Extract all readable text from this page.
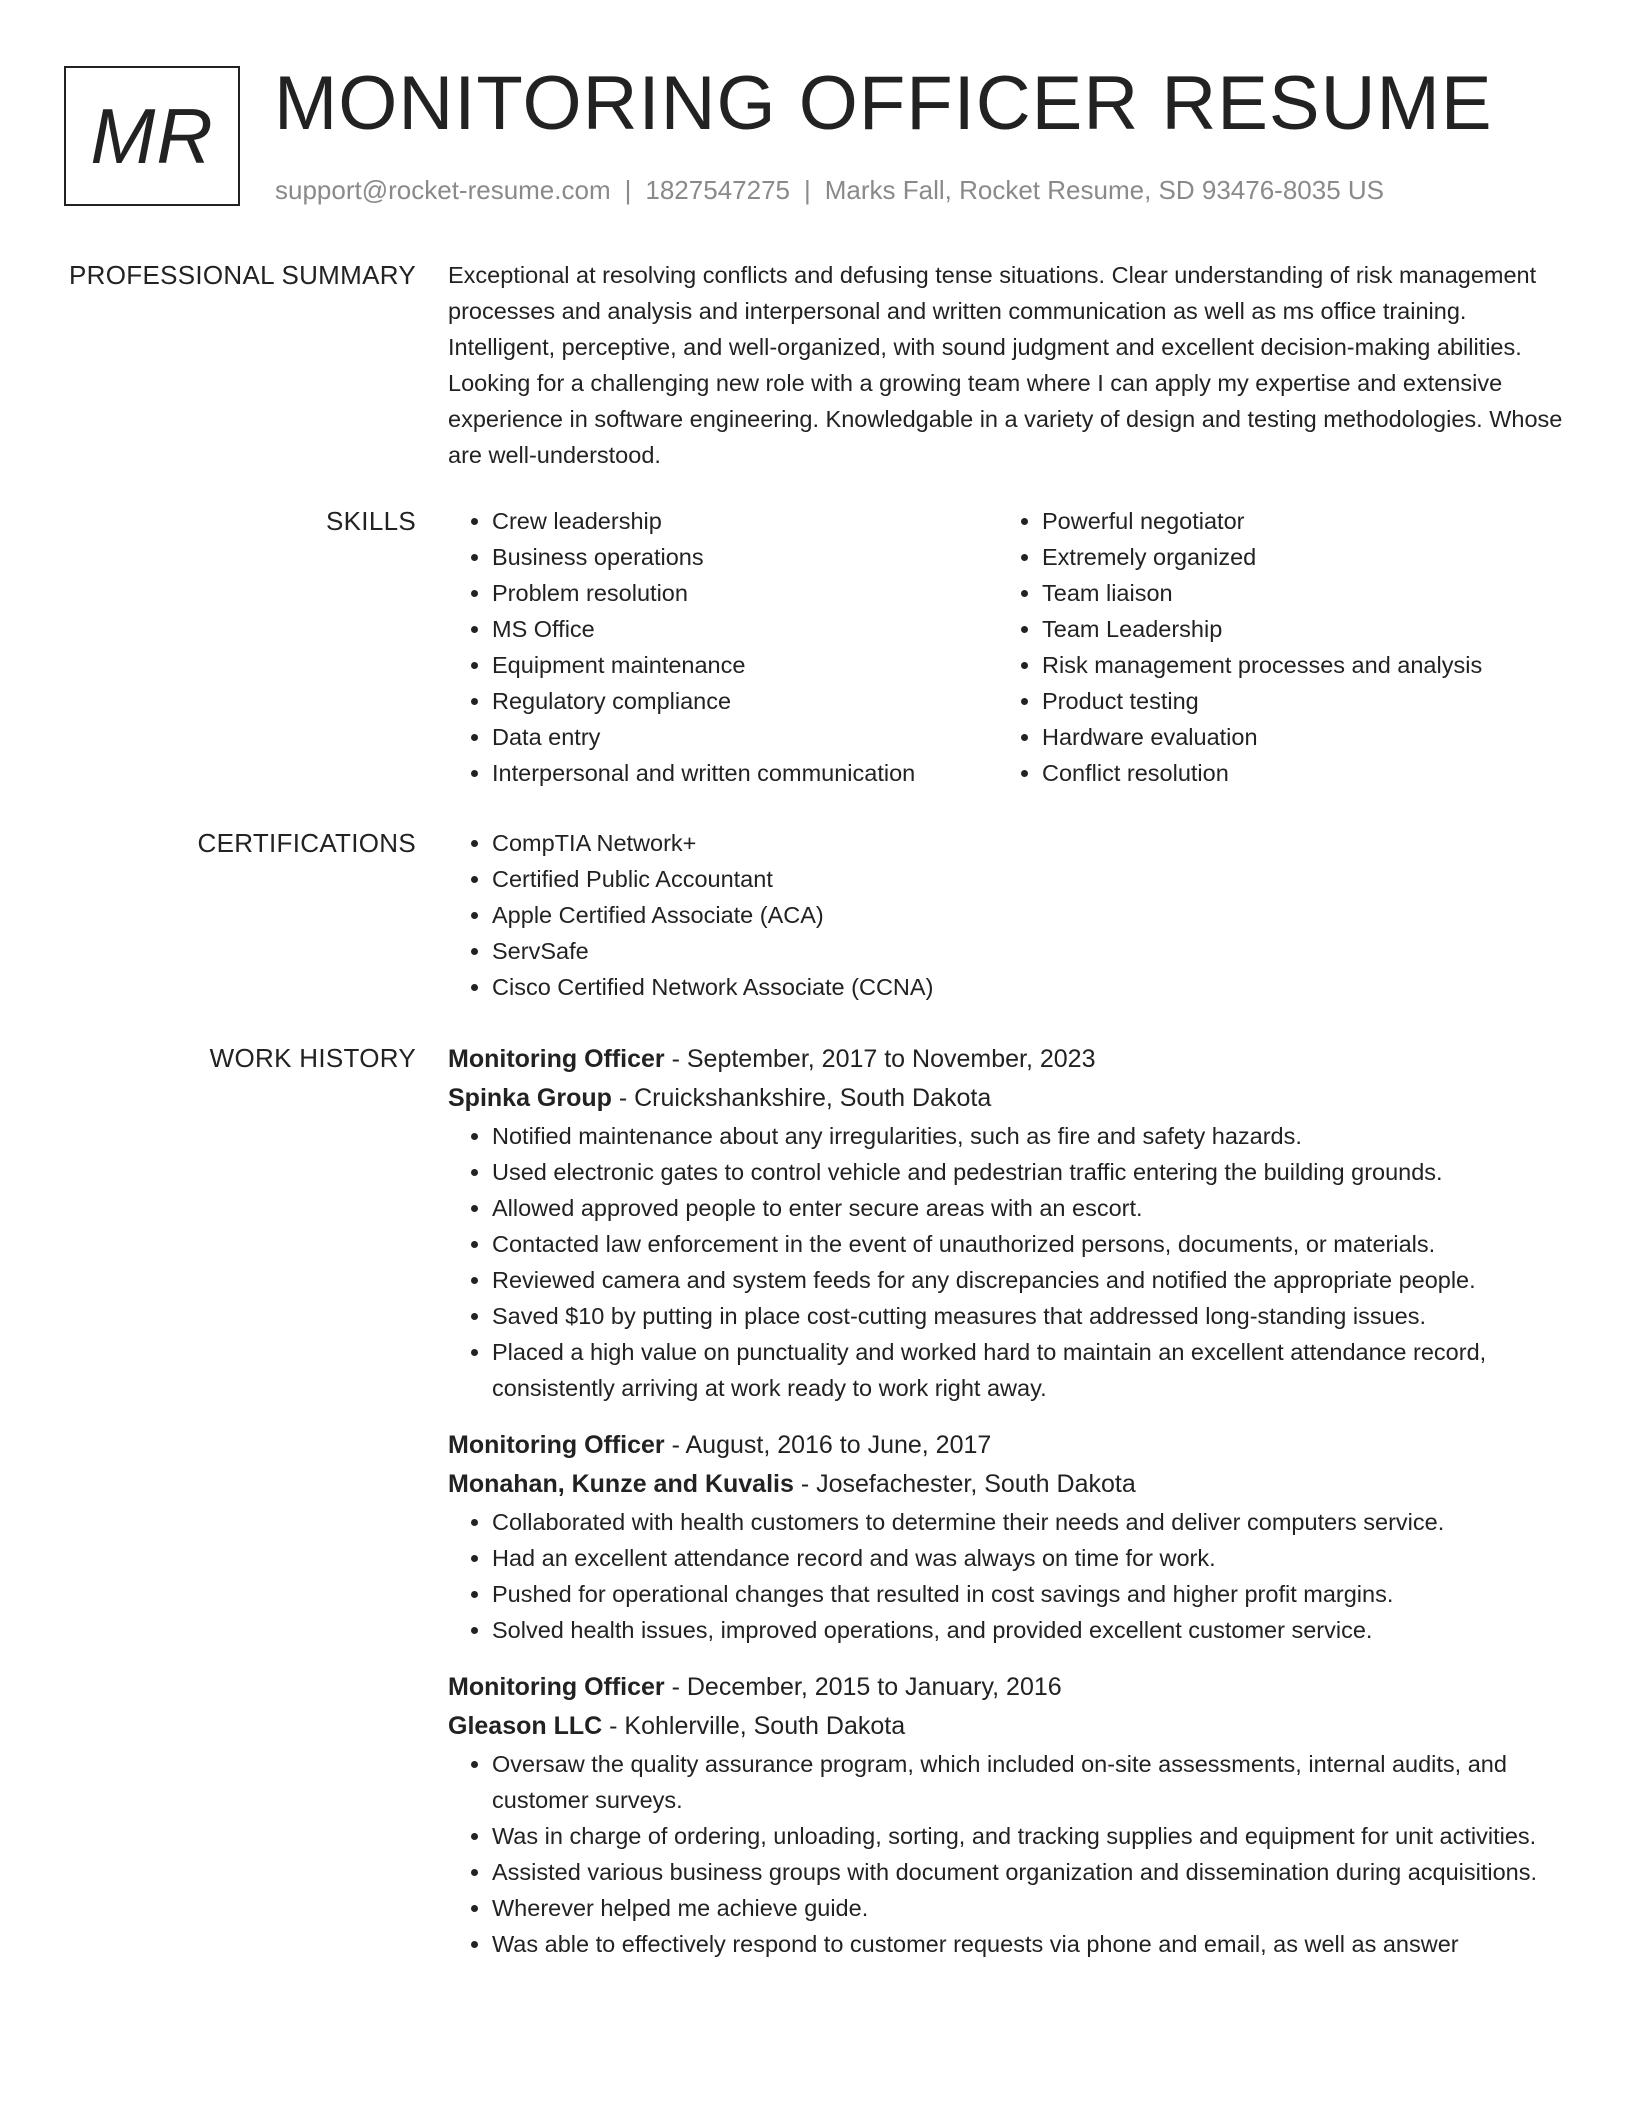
MR MONITORING OFFICER RESUME
support@rocket-resume.com | 1827547275 | Marks Fall, Rocket Resume, SD 93476-8035 US
PROFESSIONAL SUMMARY Exceptional at resolving conflicts and defusing tense situations. Clear understanding of risk management processes and analysis and interpersonal and written communication as well as ms office training. Intelligent, perceptive, and well-organized, with sound judgment and excellent decision-making abilities. Looking for a challenging new role with a growing team where I can apply my expertise and extensive experience in software engineering. Knowledgable in a variety of design and testing methodologies. Whose are well-understood.

SKILLS	• Crew leadership
• Business operations
• Problem resolution
• MS Office
• Equipment maintenance
• Regulatory compliance
• Data entry
• Interpersonal and written communication
• Powerful negotiator
• Extremely organized
• Team liaison
• Team Leadership
• Risk management processes and analysis
• Product testing
• Hardware evaluation
• Conflict resolution
CERTIFICATIONS	• CompTIA Network+
• Certified Public Accountant
• Apple Certified Associate (ACA)
• ServSafe
• Cisco Certified Network Associate (CCNA)
WORK HISTORY Monitoring Officer - September, 2017 to November, 2023
Spinka Group - Cruickshankshire, South Dakota
• Notified maintenance about any irregularities, such as fire and safety hazards.
• Used electronic gates to control vehicle and pedestrian traffic entering the building grounds.
• Allowed approved people to enter secure areas with an escort.
• Contacted law enforcement in the event of unauthorized persons, documents, or materials.
• Reviewed camera and system feeds for any discrepancies and notified the appropriate people.
• Saved $10 by putting in place cost-cutting measures that addressed long-standing issues.
• Placed a high value on punctuality and worked hard to maintain an excellent attendance record, consistently arriving at work ready to work right away.
Monitoring Officer - August, 2016 to June, 2017
Monahan, Kunze and Kuvalis - Josefachester, South Dakota
• Collaborated with health customers to determine their needs and deliver computers service.
• Had an excellent attendance record and was always on time for work.
• Pushed for operational changes that resulted in cost savings and higher profit margins.
• Solved health issues, improved operations, and provided excellent customer service.
Monitoring Officer - December, 2015 to January, 2016
Gleason LLC - Kohlerville, South Dakota
• Oversaw the quality assurance program, which included on-site assessments, internal audits, and customer surveys.
• Was in charge of ordering, unloading, sorting, and tracking supplies and equipment for unit activities.
• Assisted various business groups with document organization and dissemination during acquisitions.
• Wherever helped me achieve guide.
• Was able to effectively respond to customer requests via phone and email, as well as answer
